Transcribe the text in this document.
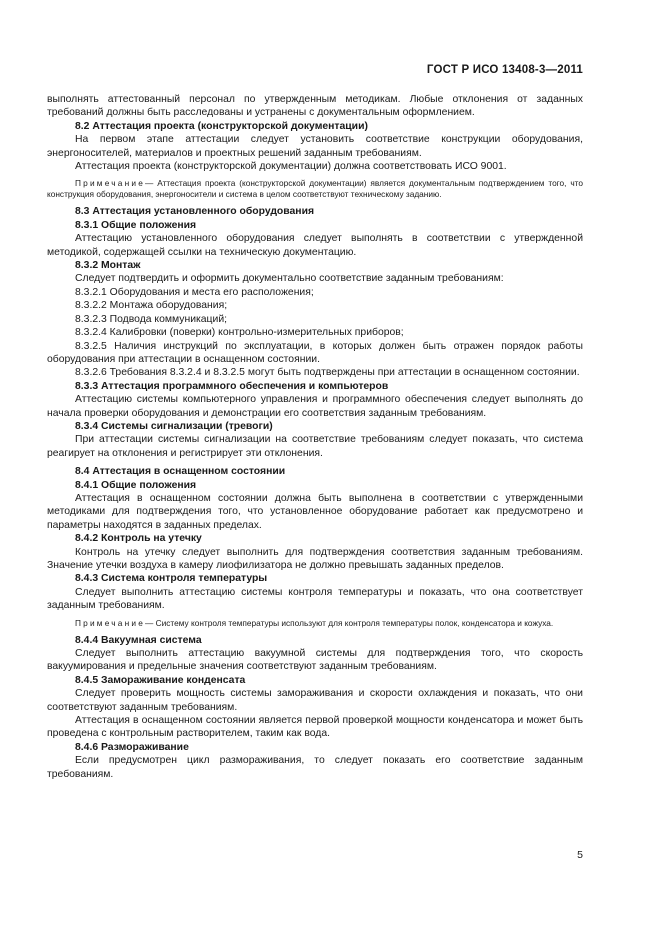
ГОСТ Р ИСО 13408-3—2011

выполнять аттестованный персонал по утвержденным методикам. Любые отклонения от заданных требований должны быть расследованы и устранены с документальным оформлением.

8.2 Аттестация проекта (конструкторской документации)

На первом этапе аттестации следует установить соответствие конструкции оборудования, энергоносителей, материалов и проектных решений заданным требованиям.

Аттестация проекта (конструкторской документации) должна соответствовать ИСО 9001.

Примечание— Аттестация проекта (конструкторской документации) является документальным подтверждением того, что конструкция оборудования, энергоносители и система в целом соответствуют техническому заданию.

8.3 Аттестация установленного оборудования

8.3.1 Общие положения

Аттестацию установленного оборудования следует выполнять в соответствии с утвержденной методикой, содержащей ссылки на техническую документацию.

8.3.2 Монтаж

Следует подтвердить и оформить документально соответствие заданным требованиям:

8.3.2.1 Оборудования и места его расположения;

8.3.2.2 Монтажа оборудования;

8.3.2.3 Подвода коммуникаций;

8.3.2.4 Калибровки (поверки) контрольно-измерительных приборов;

8.3.2.5 Наличия инструкций по эксплуатации, в которых должен быть отражен порядок работы оборудования при аттестации в оснащенном состоянии.

8.3.2.6 Требования 8.3.2.4 и 8.3.2.5 могут быть подтверждены при аттестации в оснащенном состоянии.

8.3.3 Аттестация программного обеспечения и компьютеров

Аттестацию системы компьютерного управления и программного обеспечения следует выполнять до начала проверки оборудования и демонстрации его соответствия заданным требованиям.

8.3.4 Системы сигнализации (тревоги)

При аттестации системы сигнализации на соответствие требованиям следует показать, что система реагирует на отклонения и регистрирует эти отклонения.

8.4 Аттестация в оснащенном состоянии

8.4.1 Общие положения

Аттестация в оснащенном состоянии должна быть выполнена в соответствии с утвержденными методиками для подтверждения того, что установленное оборудование работает как предусмотрено и параметры находятся в заданных пределах.

8.4.2 Контроль на утечку

Контроль на утечку следует выполнить для подтверждения соответствия заданным требованиям. Значение утечки воздуха в камеру лиофилизатора не должно превышать заданных пределов.

8.4.3 Система контроля температуры

Следует выполнить аттестацию системы контроля температуры и показать, что она соответствует заданным требованиям.

Примечание— Систему контроля температуры используют для контроля температуры полок, конденсатора и кожуха.

8.4.4 Вакуумная система

Следует выполнить аттестацию вакуумной системы для подтверждения того, что скорость вакуумирования и предельные значения соответствуют заданным требованиям.

8.4.5 Замораживание конденсата

Следует проверить мощность системы замораживания и скорости охлаждения и показать, что они соответствуют заданным требованиям.

Аттестация в оснащенном состоянии является первой проверкой мощности конденсатора и может быть проведена с контрольным растворителем, таким как вода.

8.4.6 Размораживание

Если предусмотрен цикл размораживания, то следует показать его соответствие заданным требованиям.

5
